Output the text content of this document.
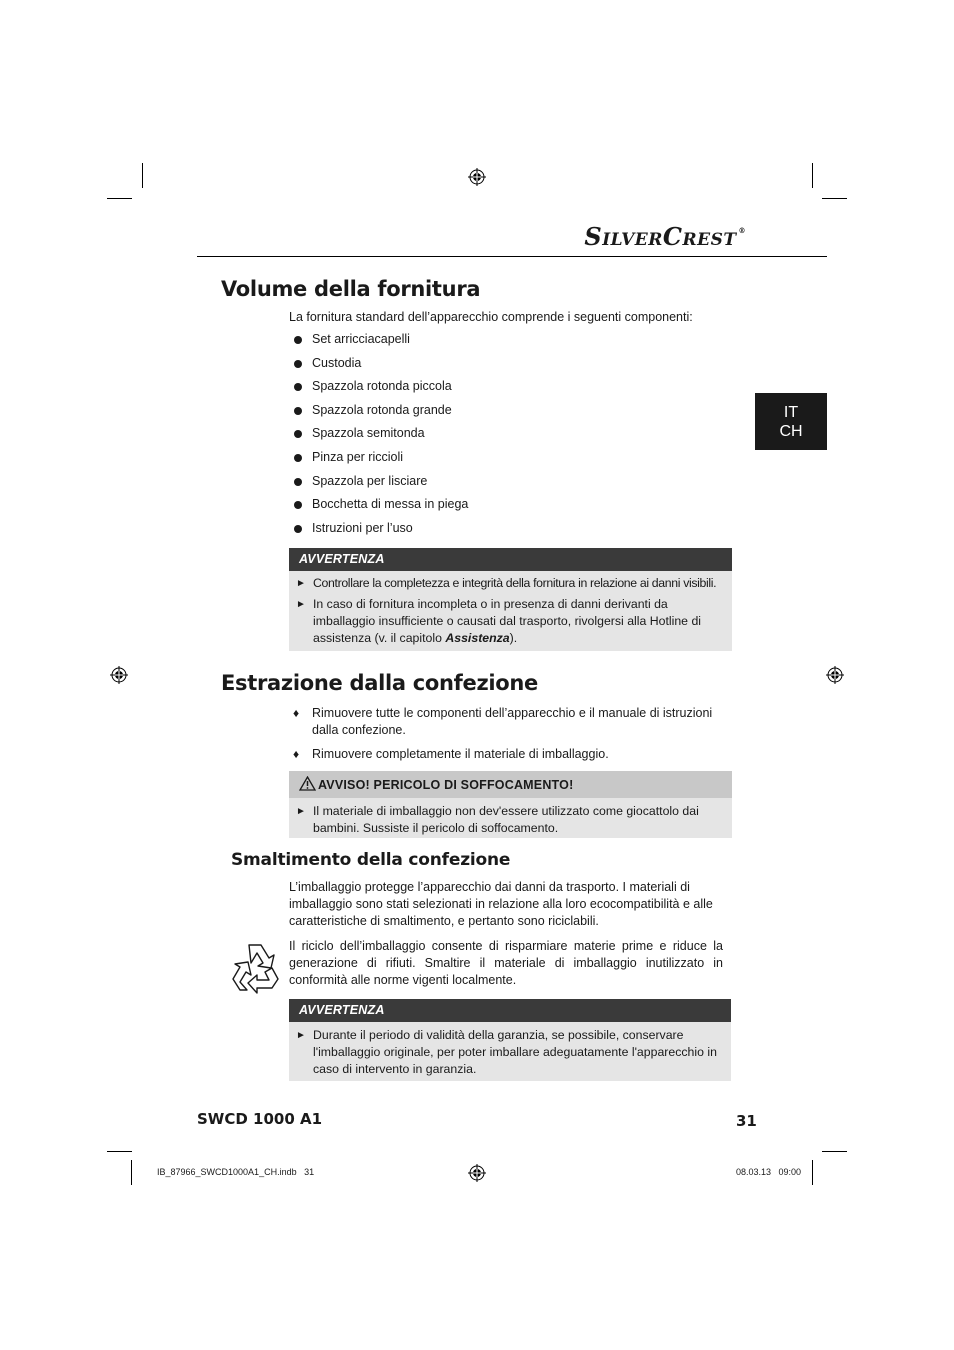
SILVERCREST ®
IT
CH
Volume della fornitura
La fornitura standard dell’apparecchio comprende i seguenti componenti:
Set arricciacapelli
Custodia
Spazzola rotonda piccola
Spazzola rotonda grande
Spazzola semitonda
Pinza per riccioli
Spazzola per lisciare
Bocchetta di messa in piega
Istruzioni per l’uso
AVVERTENZA
► Controllare la completezza e integrità della fornitura in relazione ai danni visibili.
► In caso di fornitura incompleta o in presenza di danni derivanti da imballaggio insufficiente o causati dal trasporto, rivolgersi alla Hotline di assistenza (v. il capitolo Assistenza).
Estrazione dalla confezione
♦ Rimuovere tutte le componenti dell’apparecchio e il manuale di istruzioni dalla confezione.
♦ Rimuovere completamente il materiale di imballaggio.
AVVISO! PERICOLO DI SOFFOCAMENTO!
► Il materiale di imballaggio non dev'essere utilizzato come giocattolo dai bambini. Sussiste il pericolo di soffocamento.
Smaltimento della confezione
L’imballaggio protegge l’apparecchio dai danni da trasporto. I materiali di imballaggio sono stati selezionati in relazione alla loro ecocompatibilità e alle caratteristiche di smaltimento, e pertanto sono riciclabili.
Il riciclo dell’imballaggio consente di risparmiare materie prime e riduce la generazione di rifiuti. Smaltire il materiale di imballaggio inutilizzato in conformità alle norme vigenti localmente.
AVVERTENZA
► Durante il periodo di validità della garanzia, se possibile, conservare l'imballaggio originale, per poter imballare adeguatamente l'apparecchio in caso di intervento in garanzia.
SWCD 1000 A1	31
IB_87966_SWCD1000A1_CH.indb   31	08.03.13   09:00
